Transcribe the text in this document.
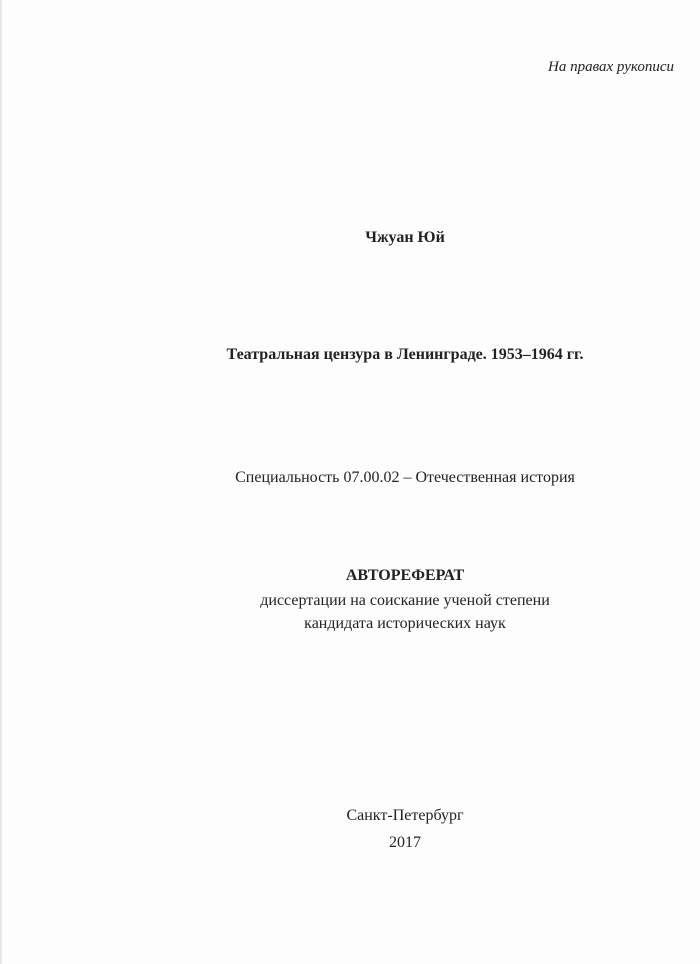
На правах рукописи
Чжуан Юй
Театральная цензура в Ленинграде. 1953–1964 гг.
Специальность 07.00.02 – Отечественная история
АВТОРЕФЕРАТ
диссертации на соискание ученой степени
кандидата исторических наук
Санкт-Петербург
2017
